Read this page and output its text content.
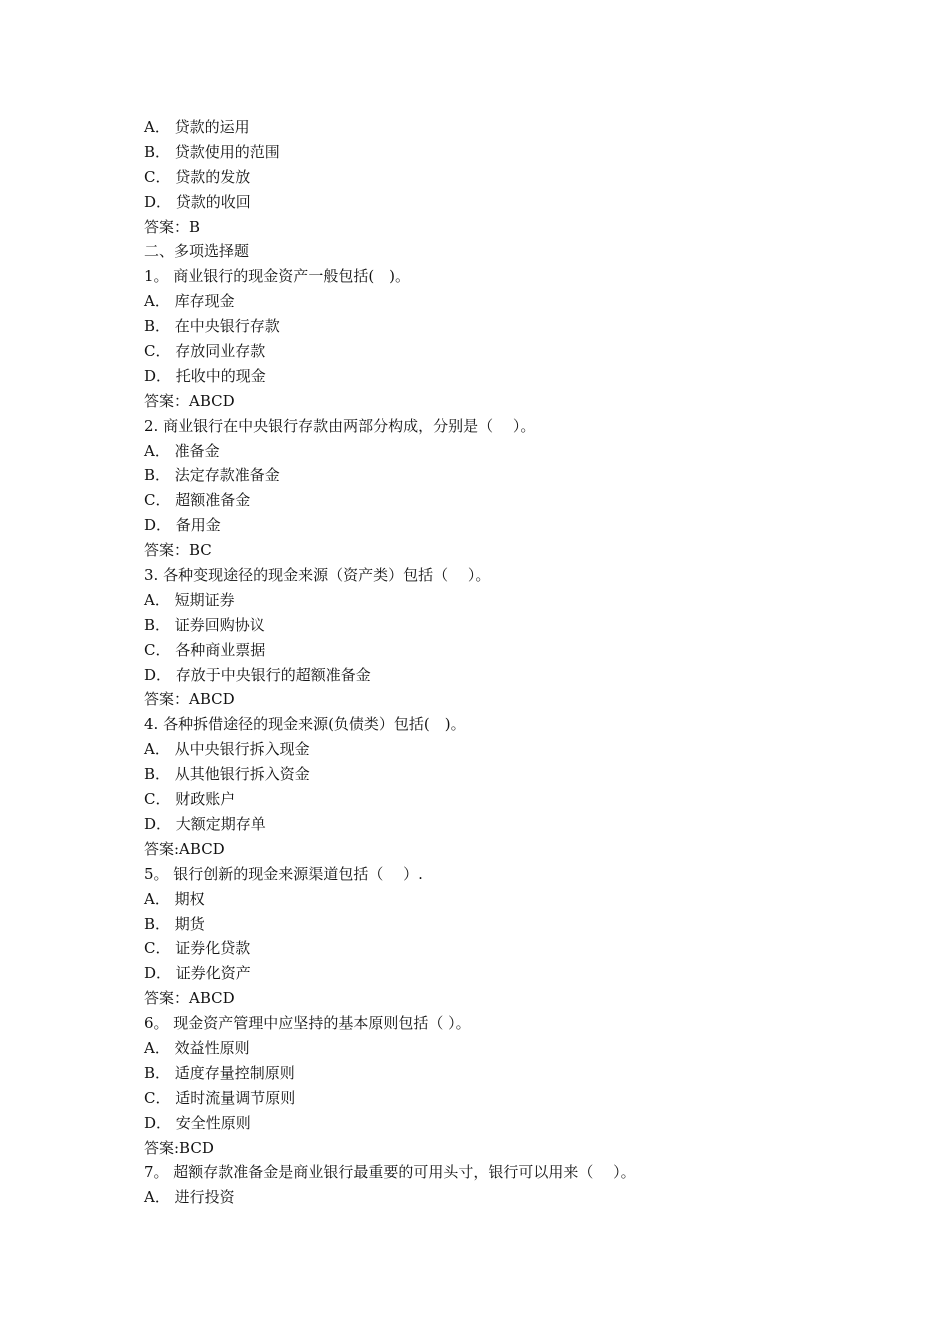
A． 贷款的运用
B． 贷款使用的范围
C． 贷款的发放
D． 贷款的收回
答案：B
二、多项选择题
1。 商业银行的现金资产一般包括(　)。
A． 库存现金
B． 在中央银行存款
C． 存放同业存款
D． 托收中的现金
答案：ABCD
2. 商业银行在中央银行存款由两部分构成，分别是（　 ）。
A． 准备金
B． 法定存款准备金
C． 超额准备金
D． 备用金
答案：BC
3. 各种变现途径的现金来源（资产类）包括（　 ）。
A． 短期证券
B． 证券回购协议
C． 各种商业票据
D． 存放于中央银行的超额准备金
答案：ABCD
4. 各种拆借途径的现金来源(负债类）包括(　)。
A． 从中央银行拆入现金
B． 从其他银行拆入资金
C． 财政账户
D． 大额定期存单
答案:ABCD
5。 银行创新的现金来源渠道包括（　 ）.
A． 期权
B． 期货
C． 证券化贷款
D． 证券化资产
答案：ABCD
6。 现金资产管理中应坚持的基本原则包括（ ）。
A． 效益性原则
B． 适度存量控制原则
C． 适时流量调节原则
D． 安全性原则
答案:BCD
7。 超额存款准备金是商业银行最重要的可用头寸，银行可以用来（　 ）。
A． 进行投资
